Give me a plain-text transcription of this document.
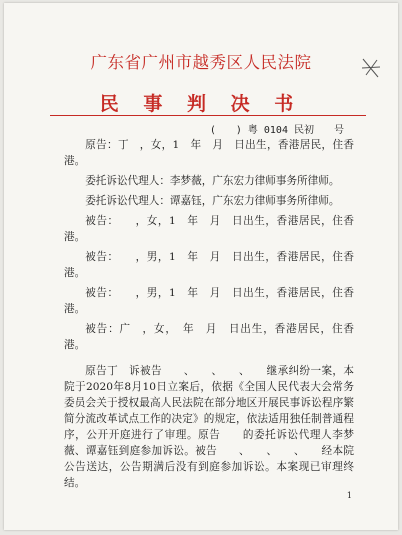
广东省广州市越秀区人民法院
民 事 判 决 书
(　　) 粤 0104 民初　　号

原告：丁　，女，1　年　月　日出生，香港居民，住香港。

委托诉讼代理人：李梦薇，广东宏力律师事务所律师。

委托诉讼代理人：谭嘉钰，广东宏力律师事务所律师。

被告：　　，女，1　年　月　日出生，香港居民，住香港。

被告：　　，男，1　年　月　日出生，香港居民，住香港。

被告：　　，男，1　年　月　日出生，香港居民，住香港。

被告：广　，女，　年　月　日出生，香港居民，住香港。

原告丁　诉被告　　、　　、　　、　　继承纠纷一案，本院于2020年8月10日立案后，依据《全国人民代表大会常务委员会关于授权最高人民法院在部分地区开展民事诉讼程序繁简分流改革试点工作的决定》的规定，依法适用独任制普通程序，公开开庭进行了审理。原告　　的委托诉讼代理人李梦薇、谭嘉钰到庭参加诉讼。被告　　、　　、　　、　　经本院公告送达，公告期满后没有到庭参加诉讼。本案现已审理终结。

1
